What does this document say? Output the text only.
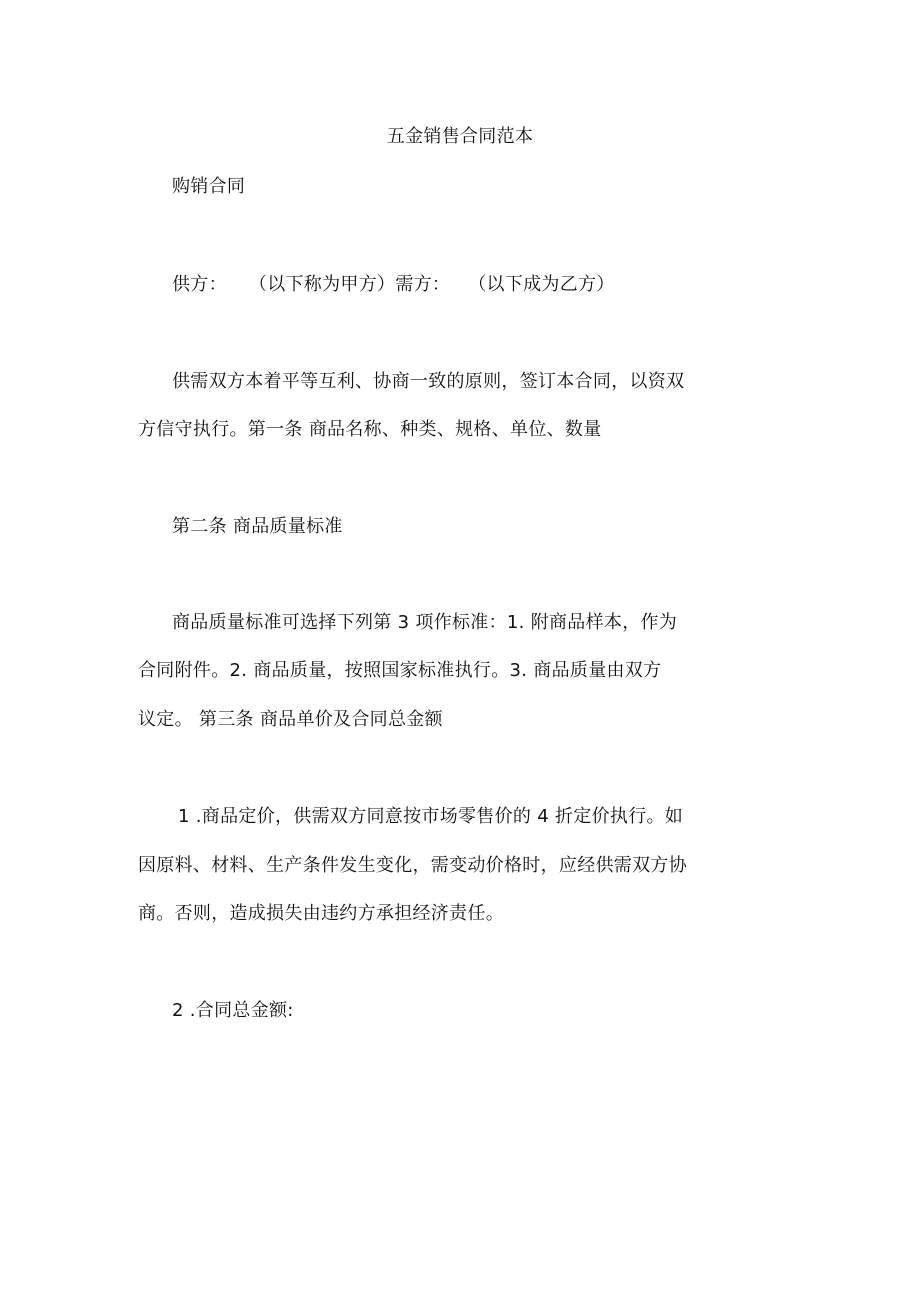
五金销售合同范本
购销合同
供方： （以下称为甲方）需方： （以下成为乙方）
供需双方本着平等互利、协商一致的原则，签订本合同，以资双
方信守执行。第一条 商品名称、种类、规格、单位、数量
第二条 商品质量标准
商品质量标准可选择下列第 3 项作标准：1. 附商品样本，作为
合同附件。2. 商品质量，按照国家标准执行。3. 商品质量由双方
议定。 第三条 商品单价及合同总金额
1 .商品定价，供需双方同意按市场零售价的 4 折定价执行。如
因原料、材料、生产条件发生变化，需变动价格时，应经供需双方协
商。否则，造成损失由违约方承担经济责任。
2 .合同总金额:
